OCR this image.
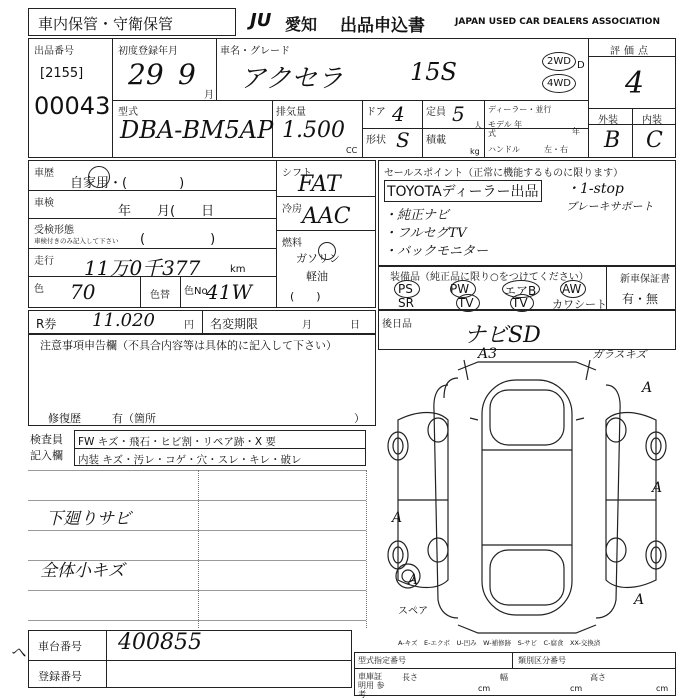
車内保管・守衛保管	JU 愛知 出品申込書	JAPAN USED CAR DEALERS ASSOCIATION
出品番号
[2155]
00043
初度登録年月
29 9
月
車名・グレード
アクセラ	15S	2WD
4WD
D
評価点
4
外装 内装
B C
型式
DBA-BM5AP
排気量
1.500
CC
ドア 4 定員 5 人
形状 S 積載
kg
ディーラー・並行
モデル 年式	年
ハンドル	左・右
車歴
自家用・(　　　　)
車検
年　　月(　　日
受検形態
車検付きのみ記入して下さい (　　　　　)
走行 11万0千377	km
色 70	色替 色No
41W
シフト
FAT
冷房 AAC
燃料
ガソリン
軽油
(　　)
セールスポイント（正常に機能するものに限ります）
TOYOTAディーラー出品 ・1-stop
ブレーキサポート
・純正ナビ
・フルセグTV
・バックモニター
装備品（純正品に限り○をつけてください）
PS	PW	エアB AW
SR	TV	TV カワシート
新車保証書
有・無
R券 11.020	円 名変期限	月	日 後日品 ナビSD
注意事項申告欄（不具合内容等は具体的に記入して下さい）
修復歴	有（箇所	）
検査員 記入欄
FW キズ・飛石・ヒビ割・リペア跡・X 要
内装 キズ・汚レ・コゲ・穴・スレ・キレ・破レ
下廻りサビ
全体小キズ
A3	ガラスキズ
A
A
A
A
A
スペア
A-キズ　E-エクボ　U-凹み　W-補修跡　S-サビ　C-腐食　XX-交換済
ヘ 車台番号 400855
登録番号
型式指定番号	類別区分番号
車庫証明用 参考
長さ
cm
幅
cm
高さ
cm
